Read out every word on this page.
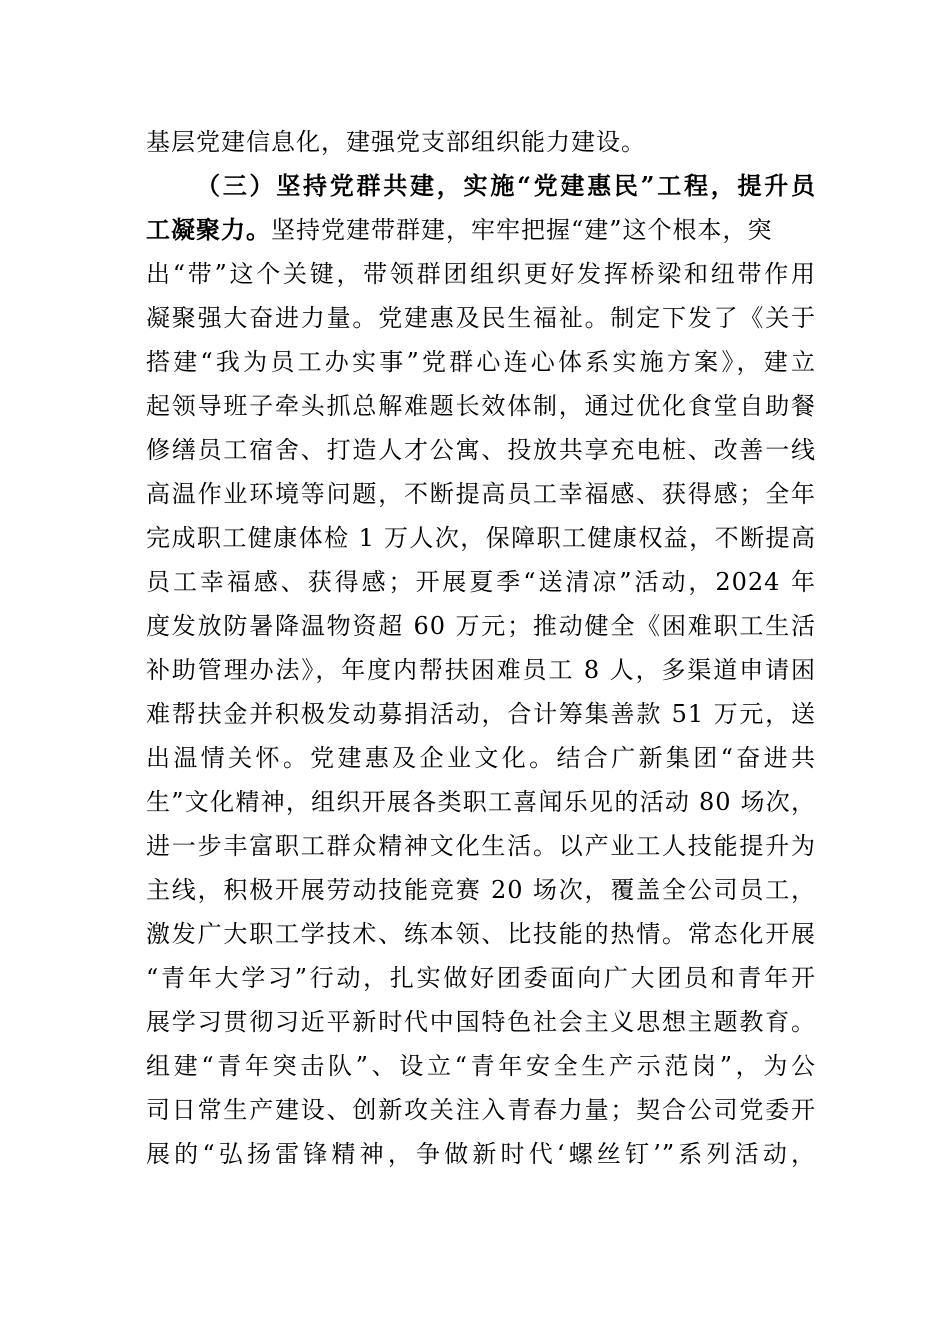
基层党建信息化，建强党支部组织能力建设。
（三）坚持党群共建，实施“党建惠民”工程，提升员
工凝聚力。坚持党建带群建，牢牢把握“建”这个根本，突
出“带”这个关键，带领群团组织更好发挥桥梁和纽带作用
凝聚强大奋进力量。党建惠及民生福祉。制定下发了《关于
搭建“我为员工办实事”党群心连心体系实施方案》，建立
起领导班子牵头抓总解难题长效体制，通过优化食堂自助餐
修缮员工宿舍、打造人才公寓、投放共享充电桩、改善一线
高温作业环境等问题，不断提高员工幸福感、获得感；全年
完成职工健康体检 1 万人次，保障职工健康权益，不断提高
员工幸福感、获得感；开展夏季“送清凉”活动，2024 年
度发放防暑降温物资超 60 万元；推动健全《困难职工生活
补助管理办法》，年度内帮扶困难员工 8 人，多渠道申请困
难帮扶金并积极发动募捐活动，合计筹集善款 51 万元，送
出温情关怀。党建惠及企业文化。结合广新集团“奋进共
生”文化精神，组织开展各类职工喜闻乐见的活动 80 场次，
进一步丰富职工群众精神文化生活。以产业工人技能提升为
主线，积极开展劳动技能竞赛 20 场次，覆盖全公司员工，
激发广大职工学技术、练本领、比技能的热情。常态化开展
“青年大学习”行动，扎实做好团委面向广大团员和青年开
展学习贯彻习近平新时代中国特色社会主义思想主题教育。
组建“青年突击队”、设立“青年安全生产示范岗”，为公
司日常生产建设、创新攻关注入青春力量；契合公司党委开
展的“弘扬雷锋精神，争做新时代‘螺丝钉’”系列活动，
